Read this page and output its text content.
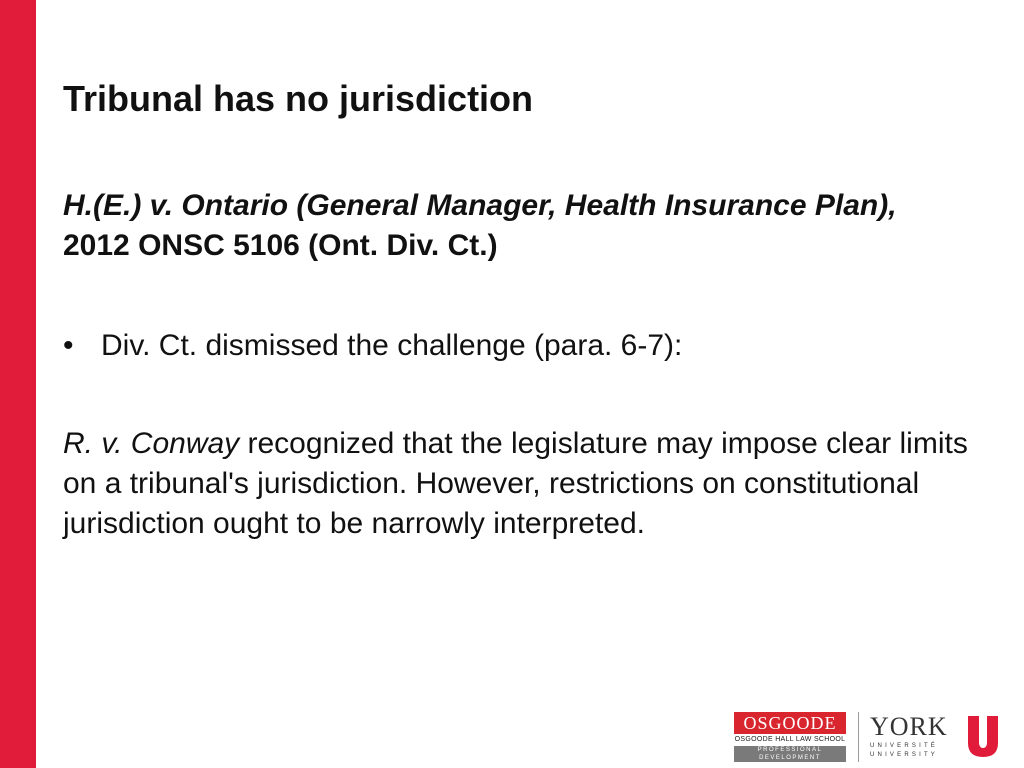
Tribunal has no jurisdiction
H.(E.) v. Ontario (General Manager, Health Insurance Plan), 2012 ONSC 5106 (Ont. Div. Ct.)
• Div. Ct. dismissed the challenge (para. 6-7):
R. v. Conway recognized that the legislature may impose clear limits on a tribunal's jurisdiction. However, restrictions on constitutional jurisdiction ought to be narrowly interpreted.
OSGOODE
OSGOODE HALL LAW SCHOOL
PROFESSIONAL
DEVELOPMENT
YORK
UNIVERSITÉ
UNIVERSITY
